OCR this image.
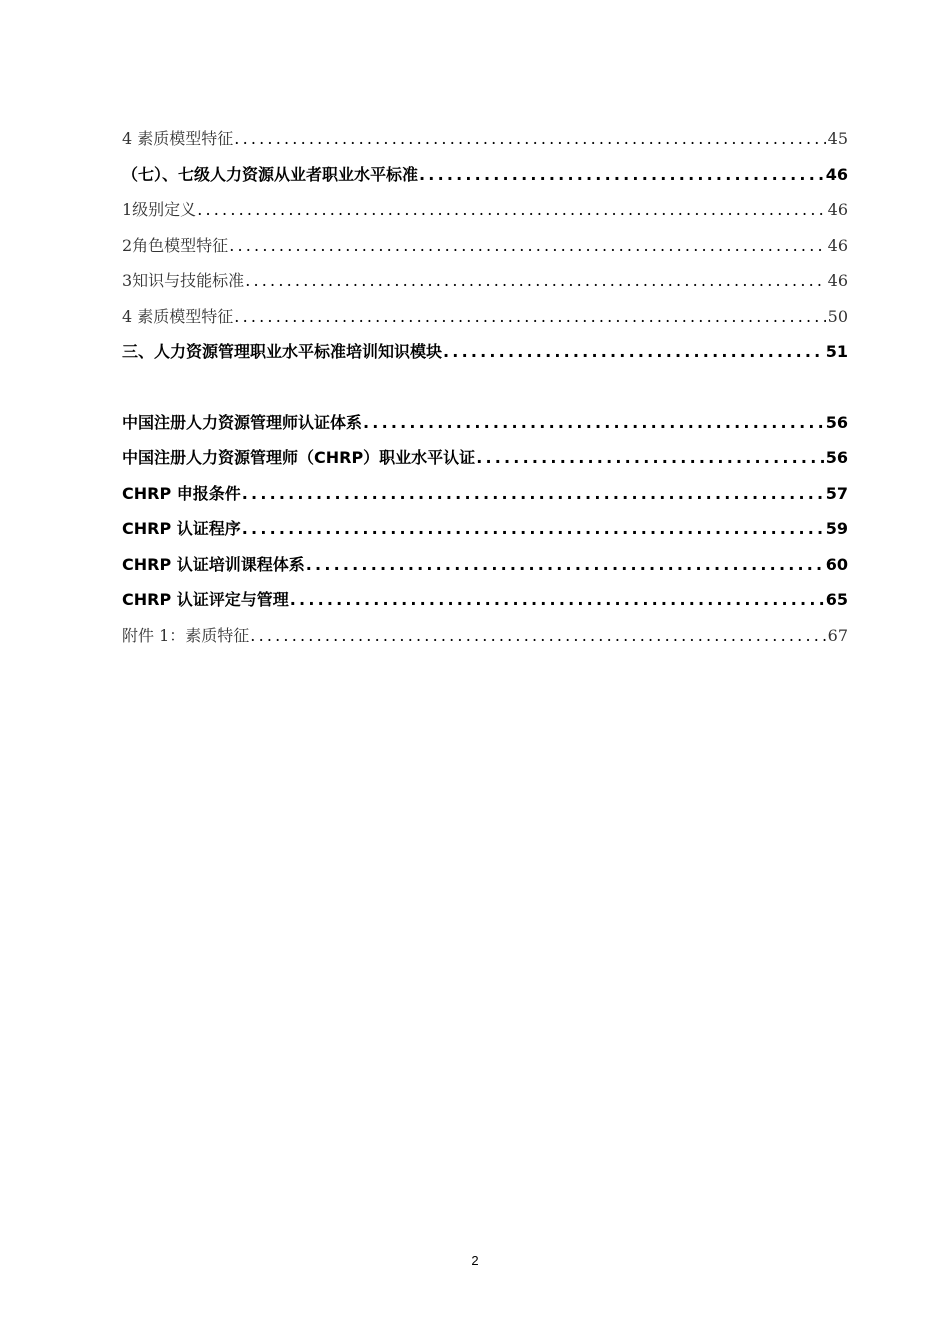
4 素质模型特征 .....	45
（七）、七级人力资源从业者职业水平标准 .....	46
1级别定义 .....	46
2角色模型特征 .....	46
3知识与技能标准 .....	46
4 素质模型特征 .....	50
三、人力资源管理职业水平标准培训知识模块 .....	51
中国注册人力资源管理师认证体系 .....	56
中国注册人力资源管理师（CHRP）职业水平认证 .....	56
CHRP 申报条件 .....	57
CHRP 认证程序 .....	59
CHRP 认证培训课程体系 .....	60
CHRP 认证评定与管理 .....	65
附件 1：素质特征 .....	67
2
